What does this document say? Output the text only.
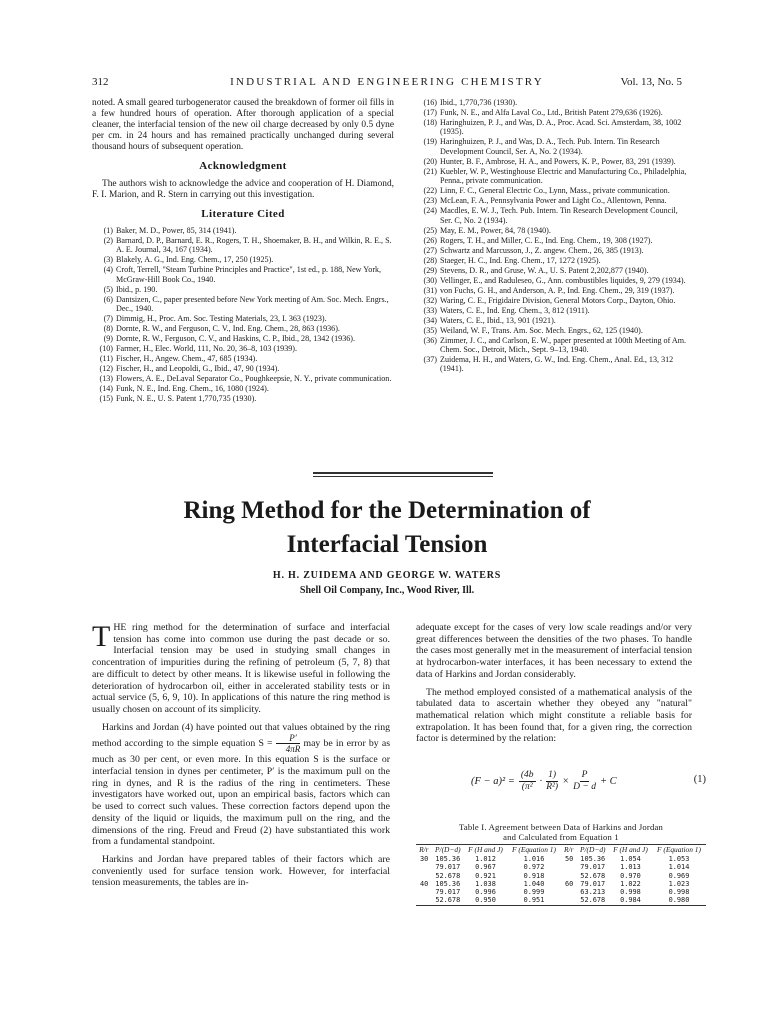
312	INDUSTRIAL AND ENGINEERING CHEMISTRY	Vol. 13, No. 5

noted. A small geared turbogenerator caused the breakdown of former oil fills in a few hundred hours of operation. After thorough application of a special cleaner, the interfacial tension of the new oil charge decreased by only 0.5 dyne per cm. in 24 hours and has remained practically unchanged during several thousand hours of subsequent operation.

Acknowledgment

The authors wish to acknowledge the advice and cooperation of H. Diamond, F. I. Marion, and R. Stern in carrying out this investigation.

Literature Cited
(1) Baker, M. D., Power, 85, 314 (1941).
(2) Barnard, D. P., Barnard, E. R., Rogers, T. H., Shoemaker, B. H., and Wilkin, R. E., S. A. E. Journal, 34, 167 (1934).
(3) Blakely, A. G., Ind. Eng. Chem., 17, 250 (1925).
(4) Croft, Terrell, "Steam Turbine Principles and Practice", 1st ed., p. 188, New York, McGraw-Hill Book Co., 1940.
(5) Ibid., p. 190.
(6) Dantsizen, C., paper presented before New York meeting of Am. Soc. Mech. Engrs., Dec., 1940.
(7) Dimmig, H., Proc. Am. Soc. Testing Materials, 23, I. 363 (1923).
(8) Dornte, R. W., and Ferguson, C. V., Ind. Eng. Chem., 28, 863 (1936).
(9) Dornte, R. W., Ferguson, C. V., and Haskins, C. P., Ibid., 28, 1342 (1936).
(10) Farmer, H., Elec. World, 111, No. 20, 36–8, 103 (1939).
(11) Fischer, H., Angew. Chem., 47, 685 (1934).
(12) Fischer, H., and Leopoldi, G., Ibid., 47, 90 (1934).
(13) Flowers, A. E., DeLaval Separator Co., Poughkeepsie, N. Y., private communication.
(14) Funk, N. E., Ind. Eng. Chem., 16, 1080 (1924).
(15) Funk, N. E., U. S. Patent 1,770,735 (1930).
(16) Ibid., 1,770,736 (1930).
(17) Funk, N. E., and Alfa Laval Co., Ltd., British Patent 279,636 (1926).
(18) Haringhuizen, P. J., and Was, D. A., Proc. Acad. Sci. Amsterdam, 38, 1002 (1935).
(19) Haringhuizen, P. J., and Was, D. A., Tech. Pub. Intern. Tin Research Development Council, Ser. A, No. 2 (1934).
(20) Hunter, B. F., Ambrose, H. A., and Powers, K. P., Power, 83, 291 (1939).
(21) Kuebler, W. P., Westinghouse Electric and Manufacturing Co., Philadelphia, Penna., private communication.
(22) Linn, F. C., General Electric Co., Lynn, Mass., private communication.
(23) McLean, F. A., Pennsylvania Power and Light Co., Allentown, Penna.
(24) Macdles, E. W. J., Tech. Pub. Intern. Tin Research Development Council, Ser. C, No. 2 (1934).
(25) May, E. M., Power, 84, 78 (1940).
(26) Rogers, T. H., and Miller, C. E., Ind. Eng. Chem., 19, 308 (1927).
(27) Schwartz and Marcusson, J., Z. angew. Chem., 26, 385 (1913).
(28) Staeger, H. C., Ind. Eng. Chem., 17, 1272 (1925).
(29) Stevens, D. R., and Gruse, W. A., U. S. Patent 2,202,877 (1940).
(30) Vellinger, E., and Raduleseo, G., Ann. combustibles liquides, 9, 279 (1934).
(31) von Fuchs, G. H., and Anderson, A. P., Ind. Eng. Chem., 29, 319 (1937).
(32) Waring, C. E., Frigidaire Division, General Motors Corp., Dayton, Ohio.
(33) Waters, C. E., Ind. Eng. Chem., 3, 812 (1911).
(34) Waters, C. E., Ibid., 13, 901 (1921).
(35) Weiland, W. F., Trans. Am. Soc. Mech. Engrs., 62, 125 (1940).
(36) Zimmer, J. C., and Carlson, E. W., paper presented at 100th Meeting of Am. Chem. Soc., Detroit, Mich., Sept. 9–13, 1940.
(37) Zuidema, H. H., and Waters, G. W., Ind. Eng. Chem., Anal. Ed., 13, 312 (1941).
Ring Method for the Determination of
Interfacial Tension
H. H. ZUIDEMA AND GEORGE W. WATERS
Shell Oil Company, Inc., Wood River, Ill.

THE ring method for the determination of surface and interfacial tension has come into common use during the past decade or so. Interfacial tension may be used in studying small changes in concentration of impurities during the refining of petroleum (5, 7, 8) that are difficult to detect by other means. It is likewise useful in following the deterioration of hydrocarbon oil, either in accelerated stability tests or in actual service (5, 6, 9, 10). In applications of this nature the ring method is usually chosen on account of its simplicity.

Harkins and Jordan (4) have pointed out that values obtained by the ring method according to the simple equation $S = \frac{P'}{4\pi R}$ may be in error by as much as 30 per cent, or even more. In this equation S is the surface or interfacial tension in dynes per centimeter, P′ is the maximum pull on the ring in dynes, and R is the radius of the ring in centimeters. These investigators have worked out, upon an empirical basis, factors which can be used to correct such values. These correction factors depend upon the density of the liquid or liquids, the maximum pull on the ring, and the dimensions of the ring. Freud and Freud (2) have substantiated this work from a fundamental standpoint.

Harkins and Jordan have prepared tables of their factors which are conveniently used for surface tension work. However, for interfacial tension measurements, the tables are in-

adequate except for the cases of very low scale readings and/or very great differences between the densities of the two phases. To handle the cases most generally met in the measurement of interfacial tension at hydrocarbon-water interfaces, it has been necessary to extend the data of Harkins and Jordan considerably.

The method employed consisted of a mathematical analysis of the tabulated data to ascertain whether they obeyed any "natural" mathematical relation which might constitute a reliable basis for extrapolation. It has been found that, for a given ring, the correction factor is determined by the relation:

$(F - a)^2 = \frac{(4b}{\text{(π²}} \cdot \frac{1)}{\text{R²)}} \times \frac{P}{D - d} + C$	(1)
Table I. Agreement between Data of Harkins and Jordan
and Calculated from Equation 1
R/r	P/(D−d)	F (H and J)	F (Equation 1)	R/r	P/(D−d)	F (H and J)	F (Equation 1)
30	105.36	1.012	1.016	50	105.36	1.054	1.053
	79.017	0.967	0.972		79.017	1.013	1.014
	52.678	0.921	0.918		52.678	0.970	0.969
40	105.36	1.038	1.040	60	79.017	1.022	1.023
	79.017	0.996	0.999		63.213	0.998	0.998
	52.678	0.950	0.951		52.678	0.984	0.980
